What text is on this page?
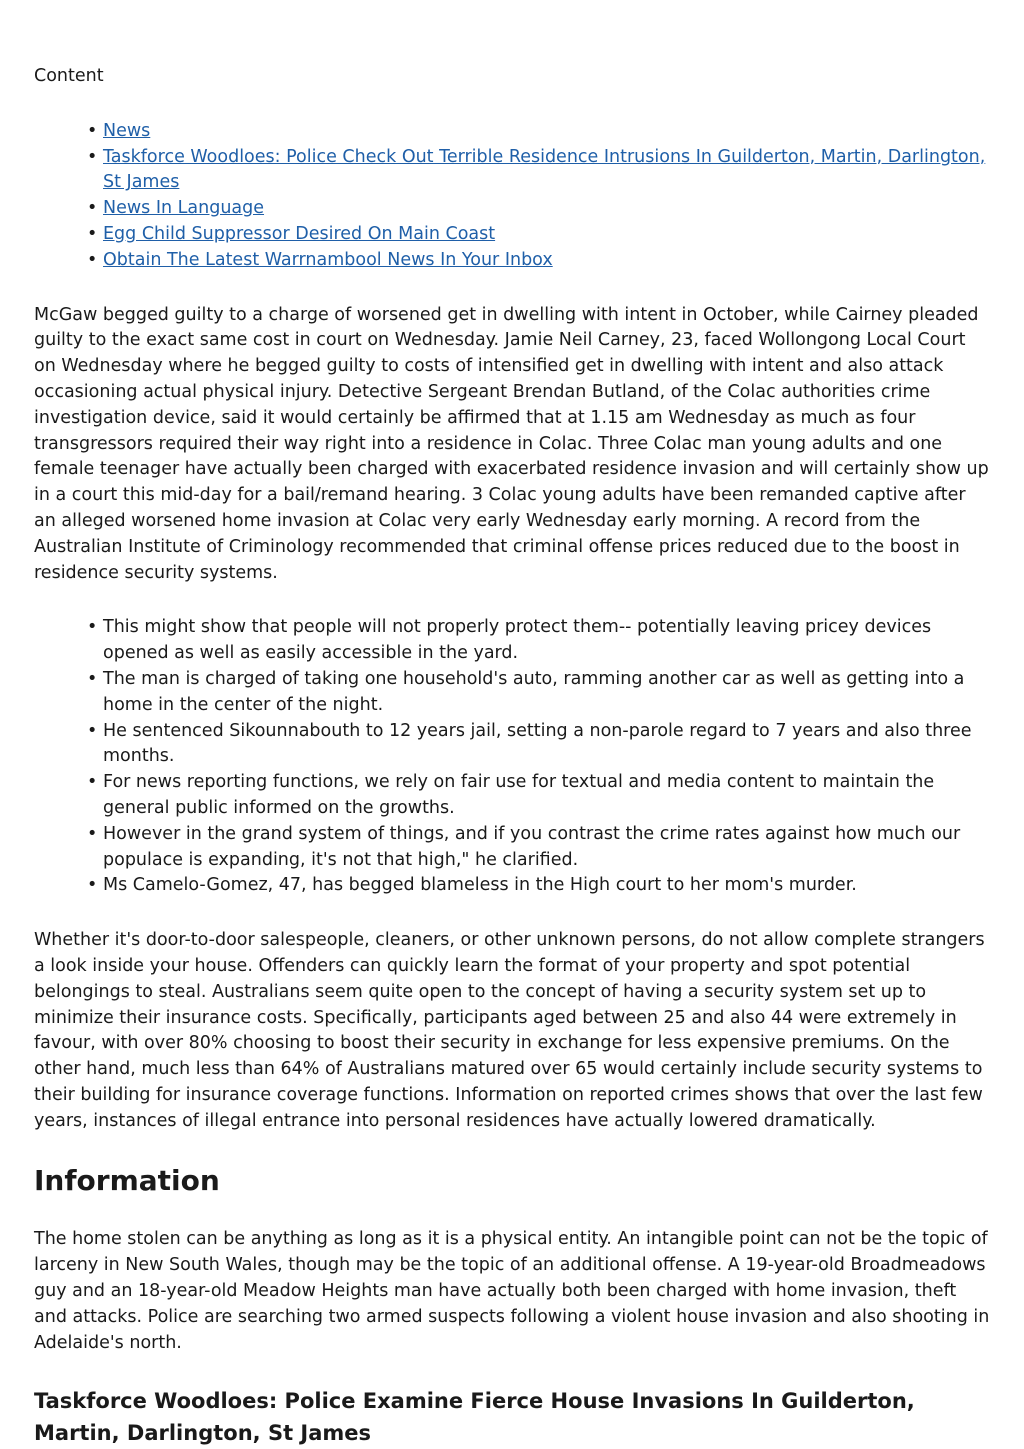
Content
• News
• Taskforce Woodloes: Police Check Out Terrible Residence Intrusions In Guilderton, Martin, Darlington, St James
• News In Language
• Egg Child Suppressor Desired On Main Coast
• Obtain The Latest Warrnambool News In Your Inbox

McGaw begged guilty to a charge of worsened get in dwelling with intent in October, while Cairney pleaded guilty to the exact same cost in court on Wednesday. Jamie Neil Carney, 23, faced Wollongong Local Court on Wednesday where he begged guilty to costs of intensified get in dwelling with intent and also attack occasioning actual physical injury. Detective Sergeant Brendan Butland, of the Colac authorities crime investigation device, said it would certainly be affirmed that at 1.15 am Wednesday as much as four transgressors required their way right into a residence in Colac. Three Colac man young adults and one female teenager have actually been charged with exacerbated residence invasion and will certainly show up in a court this mid-day for a bail/remand hearing. 3 Colac young adults have been remanded captive after an alleged worsened home invasion at Colac very early Wednesday early morning. A record from the Australian Institute of Criminology recommended that criminal offense prices reduced due to the boost in residence security systems.

• This might show that people will not properly protect them-- potentially leaving pricey devices opened as well as easily accessible in the yard.
• The man is charged of taking one household's auto, ramming another car as well as getting into a home in the center of the night.
• He sentenced Sikounnabouth to 12 years jail, setting a non-parole regard to 7 years and also three months.
• For news reporting functions, we rely on fair use for textual and media content to maintain the general public informed on the growths.
• However in the grand system of things, and if you contrast the crime rates against how much our populace is expanding, it's not that high," he clarified.
• Ms Camelo-Gomez, 47, has begged blameless in the High court to her mom's murder.

Whether it's door-to-door salespeople, cleaners, or other unknown persons, do not allow complete strangers a look inside your house. Offenders can quickly learn the format of your property and spot potential belongings to steal. Australians seem quite open to the concept of having a security system set up to minimize their insurance costs. Specifically, participants aged between 25 and also 44 were extremely in favour, with over 80% choosing to boost their security in exchange for less expensive premiums. On the other hand, much less than 64% of Australians matured over 65 would certainly include security systems to their building for insurance coverage functions. Information on reported crimes shows that over the last few years, instances of illegal entrance into personal residences have actually lowered dramatically.

Information

The home stolen can be anything as long as it is a physical entity. An intangible point can not be the topic of larceny in New South Wales, though may be the topic of an additional offense. A 19-year-old Broadmeadows guy and an 18-year-old Meadow Heights man have actually both been charged with home invasion, theft and attacks. Police are searching two armed suspects following a violent house invasion and also shooting in Adelaide's north.

Taskforce Woodloes: Police Examine Fierce House Invasions In Guilderton, Martin, Darlington, St James
